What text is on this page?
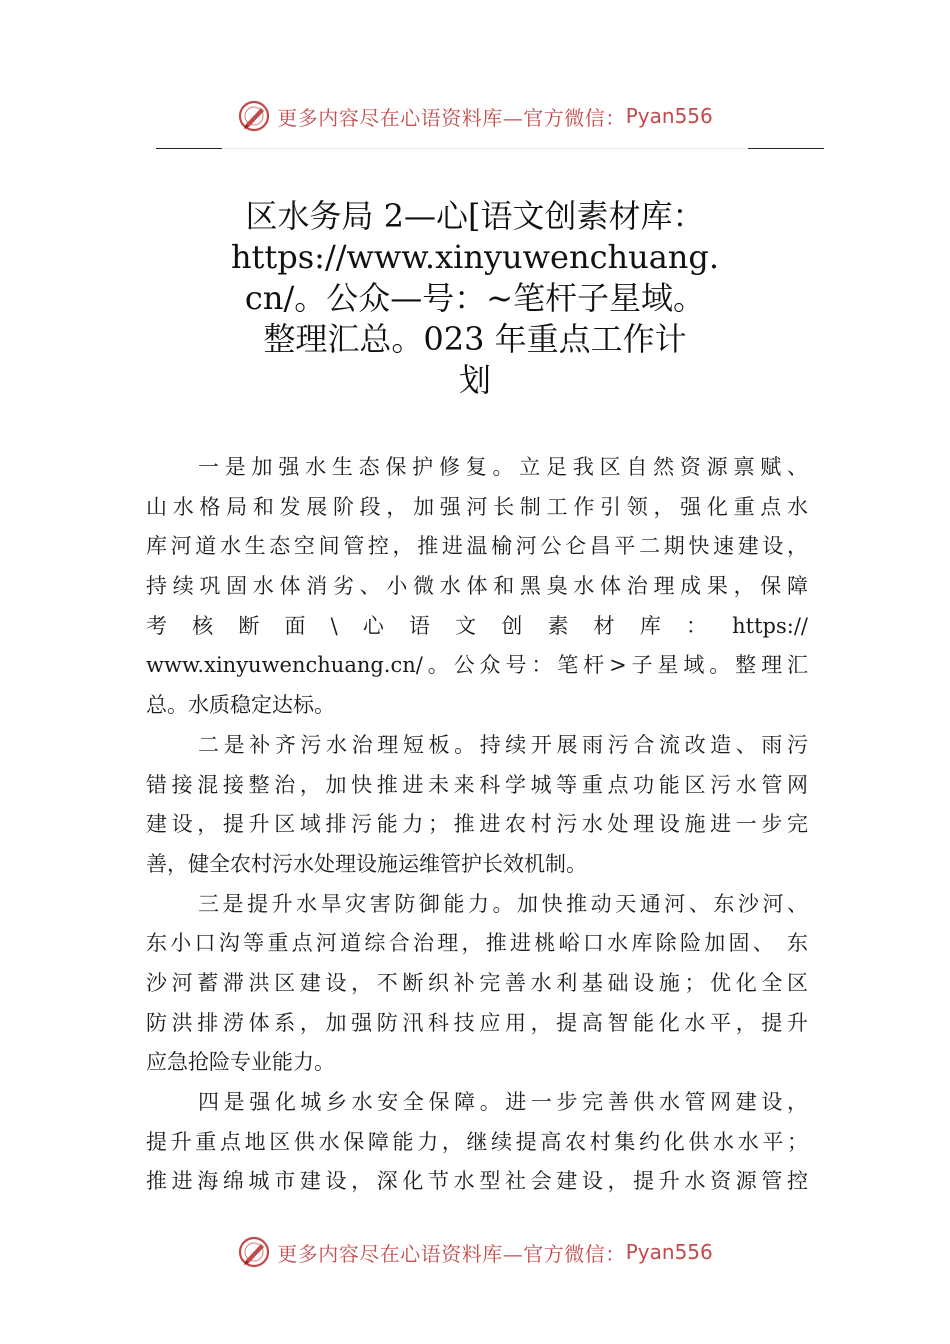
更多内容尽在心语资料库 —官方微信： Pyan556
区水务局 2—心[语文创素材库：
https://www.xinyuwenchuang.
cn/。公众—号：~笔杆子星域。
整理汇总。023 年重点工作计
划
一是加强水生态保护修复。立足我区自然资源禀赋、
山水格局和发展阶段，加强河长制工作引领，强化重点水
库河道水生态空间管控，推进温榆河公仑昌平二期快速建设，
持续巩固水体消劣、小微水体和黑臭水体治理成果，保障
考核断面\心语文创素材库：https://
www.xinyuwenchuang.cn/。公众号：笔杆>子星域。整理汇
总。水质稳定达标。
二是补齐污水治理短板。持续开展雨污合流改造、雨污
错接混接整治，加快推进未来科学城等重点功能区污水管网
建设，提升区域排污能力；推进农村污水处理设施进一步完
善，健全农村污水处理设施运维管护长效机制。
三是提升水旱灾害防御能力。加快推动天通河、东沙河、
东小口沟等重点河道综合治理，推进桃峪口水库除险加固、 东
沙河蓄滞洪区建设，不断织补完善水利基础设施；优化全区
防洪排涝体系，加强防汛科技应用，提高智能化水平，提升
应急抢险专业能力。
四是强化城乡水安全保障。进一步完善供水管网建设，
提升重点地区供水保障能力，继续提高农村集约化供水水平；
推进海绵城市建设，深化节水型社会建设，提升水资源管控
更多内容尽在心语资料库 —官方微信： Pyan556
